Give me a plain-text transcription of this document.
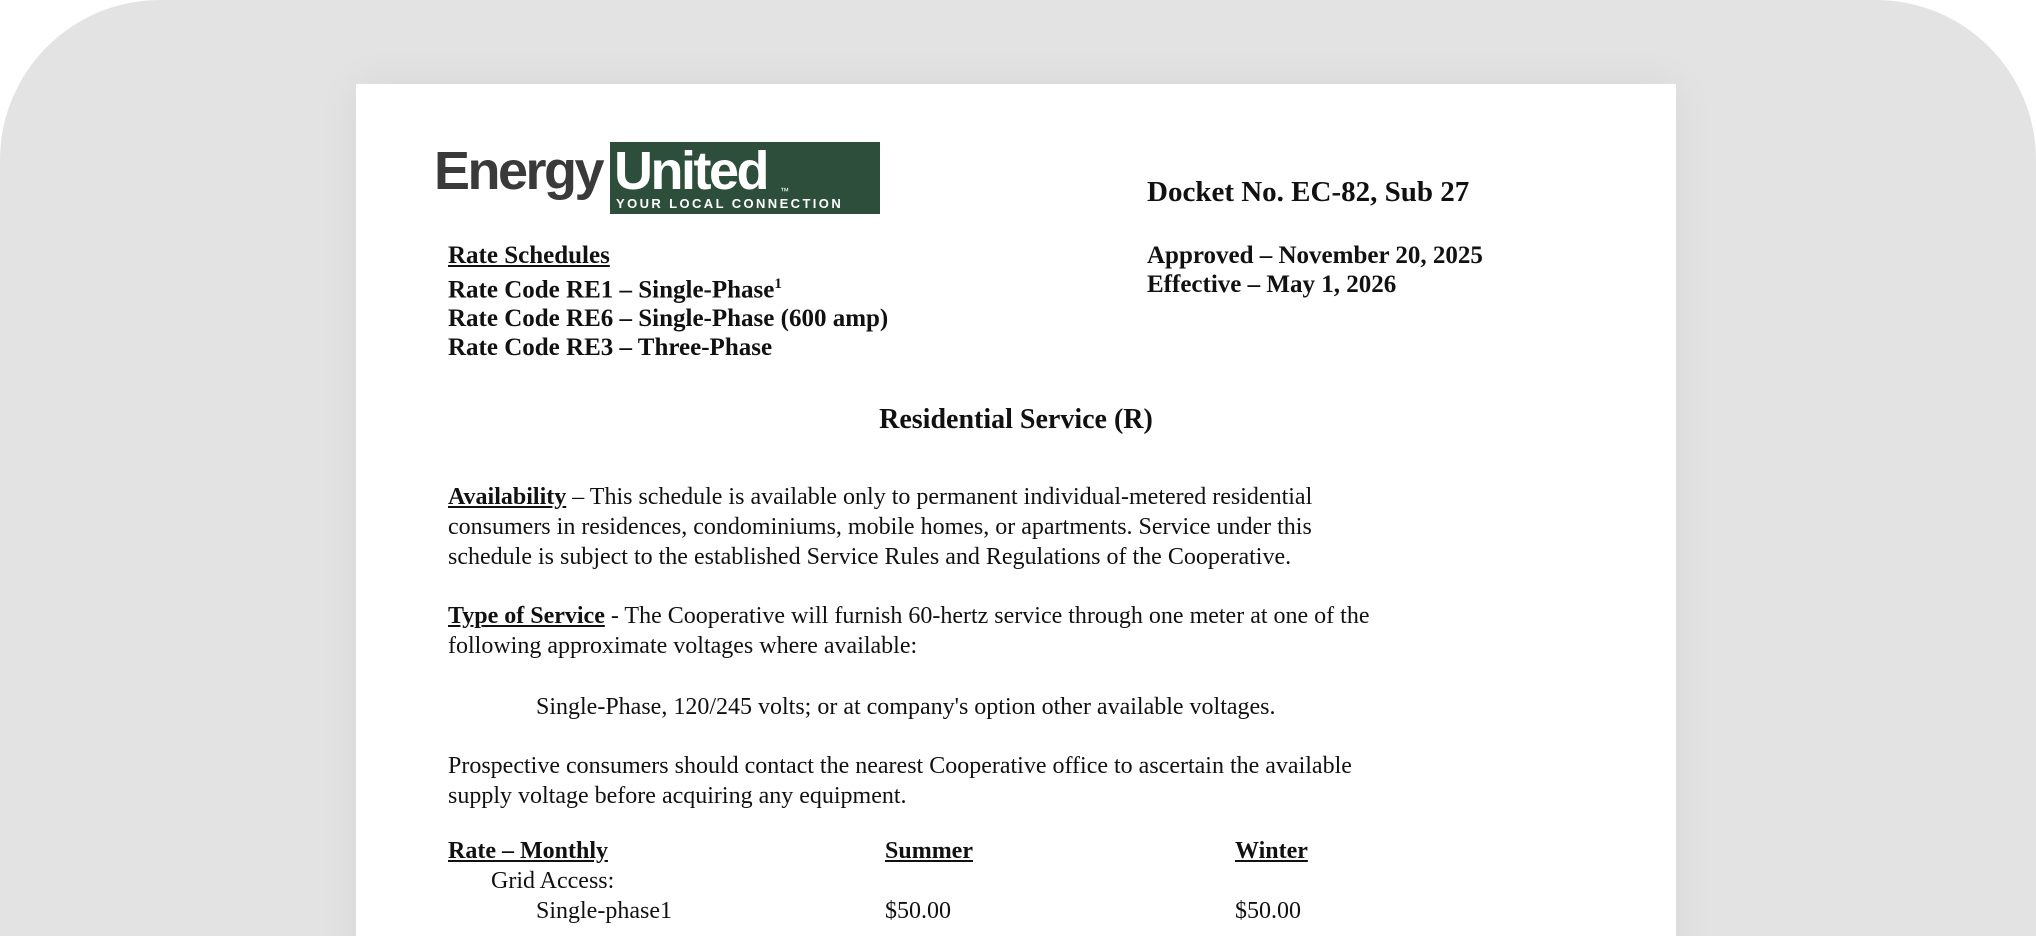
Energy United ™
YOUR LOCAL CONNECTION	Docket No. EC-82, Sub 27
Rate Schedules
Rate Code RE1 – Single-Phase$^1$
Rate Code RE6 – Single-Phase (600 amp)
Rate Code RE3 – Three-Phase
Approved – November 20, 2025
Effective – May 1, 2026
Residential Service (R)
Availability – This schedule is available only to permanent individual-metered residential
consumers in residences, condominiums, mobile homes, or apartments. Service under this
schedule is subject to the established Service Rules and Regulations of the Cooperative.
Type of Service - The Cooperative will furnish 60-hertz service through one meter at one of the
following approximate voltages where available:
Single-Phase, 120/245 volts; or at company's option other available voltages.
Prospective consumers should contact the nearest Cooperative office to ascertain the available
supply voltage before acquiring any equipment.
Rate – Monthly	Summer	Winter
Grid Access:
Single-phase1	$50.00	$50.00
